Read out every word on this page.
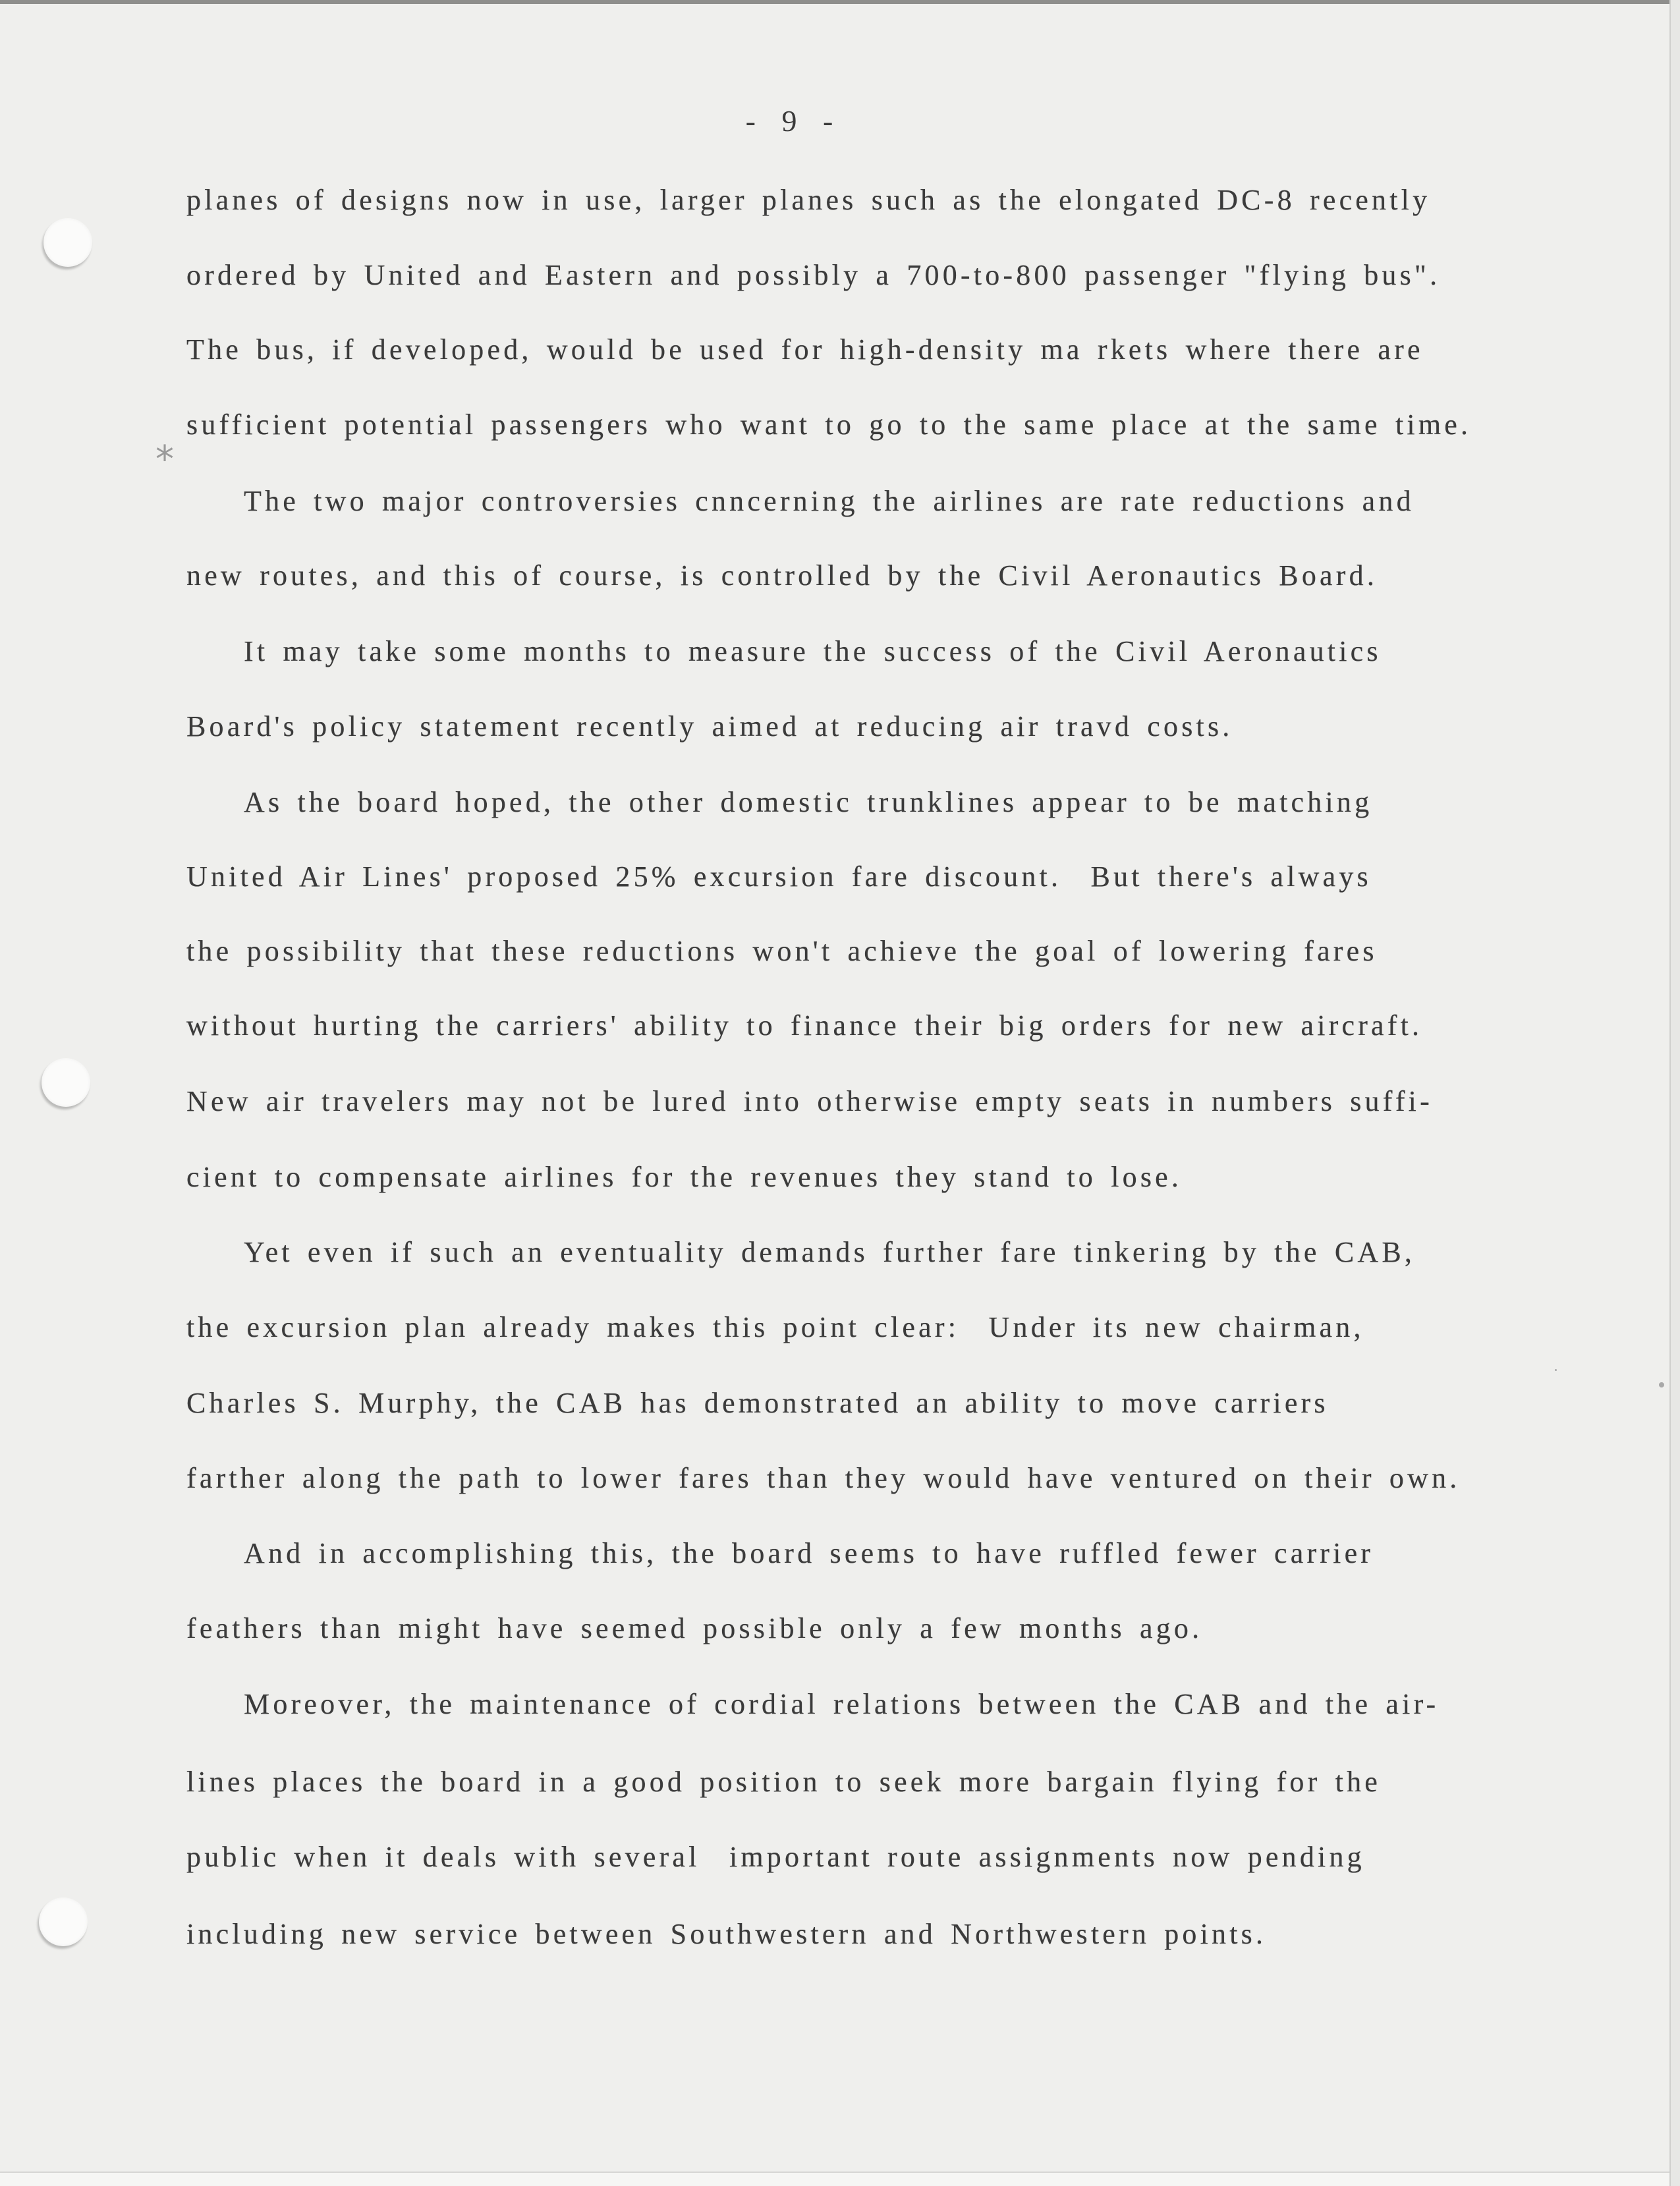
- 9 -
*
planes of designs now in use, larger planes such as the elongated DC-8 recently
ordered by United and Eastern and possibly a 700-to-800 passenger "flying bus".
The bus, if developed, would be used for high-density ma rkets where there are
sufficient potential passengers who want to go to the same place at the same time.
The two major controversies cnncerning the airlines are rate reductions and
new routes, and this of course, is controlled by the Civil Aeronautics Board.
It may take some months to measure the success of the Civil Aeronautics
Board's policy statement recently aimed at reducing air travd costs.
As the board hoped, the other domestic trunklines appear to be matching
United Air Lines' proposed 25% excursion fare discount.  But there's always
the possibility that these reductions won't achieve the goal of lowering fares
without hurting the carriers' ability to finance their big orders for new aircraft.
New air travelers may not be lured into otherwise empty seats in numbers suffi-
cient to compensate airlines for the revenues they stand to lose.
Yet even if such an eventuality demands further fare tinkering by the CAB,
the excursion plan already makes this point clear:  Under its new chairman,
Charles S. Murphy, the CAB has demonstrated an ability to move carriers
farther along the path to lower fares than they would have ventured on their own.
And in accomplishing this, the board seems to have ruffled fewer carrier
feathers than might have seemed possible only a few months ago.
Moreover, the maintenance of cordial relations between the CAB and the air-
lines places the board in a good position to seek more bargain flying for the
public when it deals with several  important route assignments now pending
including new service between Southwestern and Northwestern points.
